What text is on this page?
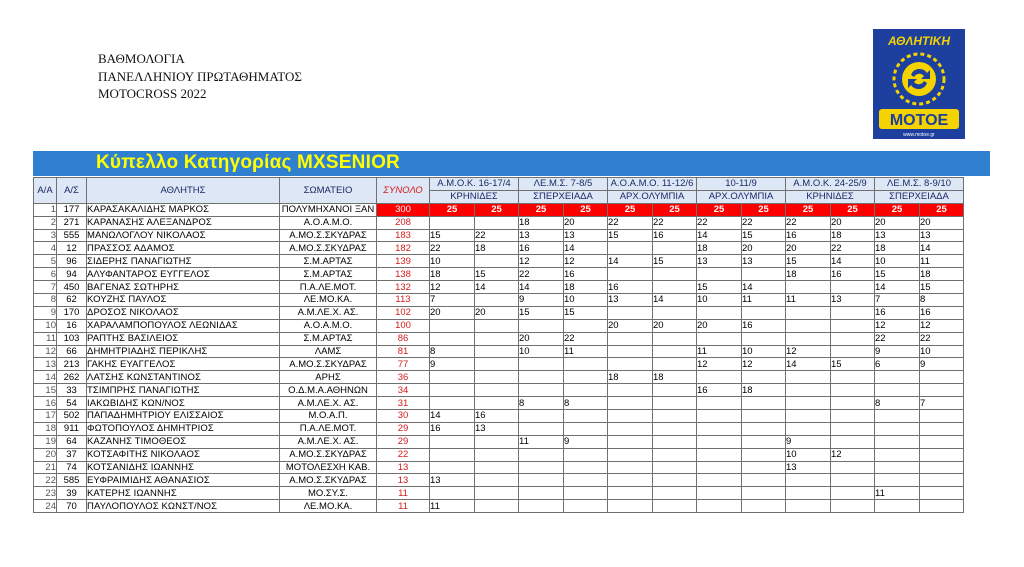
ΒΑΘΜΟΛΟΓΙΑ
ΠΑΝΕΛΛΗΝΙΟΥ ΠΡΩΤΑΘΗΜΑΤΟΣ
MOTOCROSS 2022
ΑΘΛΗΤΙΚΗ
ΜΟΤΟΕ
www.motoe.gr
Κύπελλο Κατηγορίας MXSENIOR
Α/Α	Α/Σ	ΑΘΛΗΤΗΣ	ΣΩΜΑΤΕΙΟ	ΣΥΝΟΛΟ	Α.Μ.Ο.Κ. 16-17/4		ΛΕ.Μ.Σ. 7-8/5		Α.Ο.Α.Μ.Ο. 11-12/6		10-11/9		Α.Μ.Ο.Κ. 24-25/9		ΛΕ.Μ.Σ. 8-9/10	
					ΚΡΗΝΙΔΕΣ		ΣΠΕΡΧΕΙΑΔΑ		ΑΡΧ.ΟΛΥΜΠΙΑ		ΑΡΧ.ΟΛΥΜΠΙΑ		ΚΡΗΝΙΔΕΣ		ΣΠΕΡΧΕΙΑΔΑ	
1	177	ΚΑΡΑΣΑΚΑΛΙΔΗΣ ΜΑΡΚΟΣ	ΠΟΛΥΜΗΧΑΝΟΙ ΞΑΝ	300	25	25	25	25	25	25	25	25	25	25	25	25
2	271	ΚΑΡΑΝΑΣΗΣ ΑΛΕΞΑΝΔΡΟΣ	Α.Ο.Α.Μ.Ο.	208			18	20	22	22	22	22	22	20	20	20
3	555	ΜΑΝΩΛΟΓΛΟΥ ΝΙΚΟΛΑΟΣ	Α.ΜΟ.Σ.ΣΚΥΔΡΑΣ	183	15	22	13	13	15	16	14	15	16	18	13	13
4	12	ΠΡΑΣΣΟΣ ΑΔΑΜΟΣ	Α.ΜΟ.Σ.ΣΚΥΔΡΑΣ	182	22	18	16	14			18	20	20	22	18	14
5	96	ΣΙΔΕΡΗΣ ΠΑΝΑΓΙΩΤΗΣ	Σ.Μ.ΑΡΤΑΣ	139	10		12	12	14	15	13	13	15	14	10	11
6	94	ΑΛΥΦΑΝΤΑΡΟΣ ΕΥΓΓΕΛΟΣ	Σ.Μ.ΑΡΤΑΣ	138	18	15	22	16					18	16	15	18
7	450	ΒΑΓΕΝΑΣ ΣΩΤΗΡΗΣ	Π.Α.ΛΕ.ΜΟΤ.	132	12	14	14	18	16		15	14			14	15
8	62	ΚΟΥΖΗΣ ΠΑΥΛΟΣ	ΛΕ.ΜΟ.ΚΑ.	113	7		9	10	13	14	10	11	11	13	7	8
9	170	ΔΡΟΣΟΣ ΝΙΚΟΛΑΟΣ	Α.Μ.ΛΕ.Χ. ΑΣ.	102	20	20	15	15							16	16
10	16	ΧΑΡΑΛΑΜΠΟΠΟΥΛΟΣ ΛΕΩΝΙΔΑΣ	Α.Ο.Α.Μ.Ο.	100					20	20	20	16			12	12
11	103	ΡΑΠΤΗΣ ΒΑΣΙΛΕΙΟΣ	Σ.Μ.ΑΡΤΑΣ	86			20	22							22	22
12	66	ΔΗΜΗΤΡΙΑΔΗΣ ΠΕΡΙΚΛΗΣ	ΛΑΜΣ	81	8		10	11			11	10	12		9	10
13	213	ΓΑΚΗΣ ΕΥΑΓΓΕΛΟΣ	Α.ΜΟ.Σ.ΣΚΥΔΡΑΣ	77	9						12	12	14	15	6	9
14	262	ΛΑΤΣΗΣ ΚΩΝΣΤΑΝΤΙΝΟΣ	ΑΡΗΣ	36					18	18						
15	33	ΤΣΙΜΠΡΗΣ ΠΑΝΑΓΙΩΤΗΣ	Ο.Δ.Μ.Α.ΑΘΗΝΩΝ	34							16	18				
16	54	ΙΑΚΩΒΙΔΗΣ ΚΩΝ/ΝΟΣ	Α.Μ.ΛΕ.Χ. ΑΣ.	31			8	8							8	7
17	502	ΠΑΠΑΔΗΜΗΤΡΙΟΥ ΕΛΙΣΣΑΙΟΣ	Μ.Ο.Α.Π.	30	14	16										
18	911	ΦΩΤΟΠΟΥΛΟΣ ΔΗΜΗΤΡΙΟΣ	Π.Α.ΛΕ.ΜΟΤ.	29	16	13										
19	64	ΚΑΖΑΝΗΣ ΤΙΜΟΘΕΟΣ	Α.Μ.ΛΕ.Χ. ΑΣ.	29			11	9					9			
20	37	ΚΟΤΣΑΦΙΤΗΣ ΝΙΚΟΛΑΟΣ	Α.ΜΟ.Σ.ΣΚΥΔΡΑΣ	22									10	12		
21	74	ΚΟΤΣΑΝΙΔΗΣ ΙΩΑΝΝΗΣ	ΜΟΤΟΛΕΣΧΗ ΚΑΒ.	13									13			
22	585	ΕΥΦΡΑΙΜΙΔΗΣ ΑΘΑΝΑΣΙΟΣ	Α.ΜΟ.Σ.ΣΚΥΔΡΑΣ	13	13											
23	39	ΚΑΤΕΡΗΣ ΙΩΑΝΝΗΣ	ΜΟ.ΣΥ.Σ.	11											11	
24	70	ΠΑΥΛΟΠΟΥΛΟΣ ΚΩΝΣΤ/ΝΟΣ	ΛΕ.ΜΟ.ΚΑ.	11	11											
